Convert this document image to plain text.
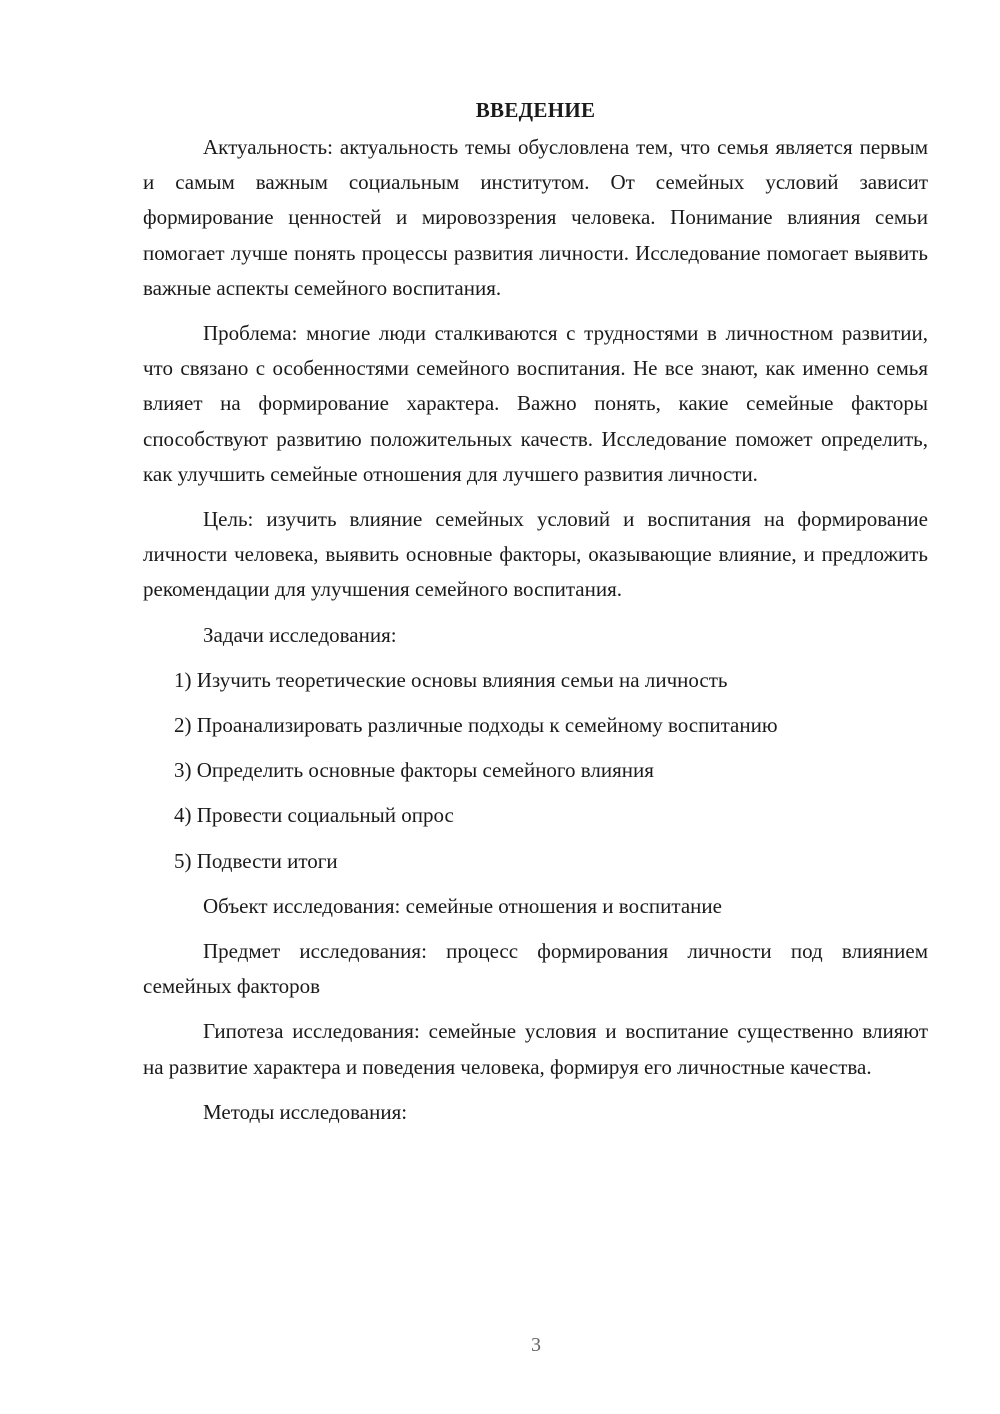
ВВЕДЕНИЕ

Актуальность: актуальность темы обусловлена тем, что семья является первым и самым важным социальным институтом. От семейных условий зависит формирование ценностей и мировоззрения человека. Понимание влияния семьи помогает лучше понять процессы развития личности. Исследование помогает выявить важные аспекты семейного воспитания.

Проблема: многие люди сталкиваются с трудностями в личностном развитии, что связано с особенностями семейного воспитания. Не все знают, как именно семья влияет на формирование характера. Важно понять, какие семейные факторы способствуют развитию положительных качеств. Исследование поможет определить, как улучшить семейные отношения для лучшего развития личности.

Цель: изучить влияние семейных условий и воспитания на формирование личности человека, выявить основные факторы, оказывающие влияние, и предложить рекомендации для улучшения семейного воспитания.

Задачи исследования:

1) Изучить теоретические основы влияния семьи на личность
2) Проанализировать различные подходы к семейному воспитанию
3) Определить основные факторы семейного влияния
4) Провести социальный опрос
5) Подвести итоги

Объект исследования: семейные отношения и воспитание

Предмет исследования: процесс формирования личности под влиянием семейных факторов

Гипотеза исследования: семейные условия и воспитание существенно влияют на развитие характера и поведения человека, формируя его личностные качества.

Методы исследования:

3
